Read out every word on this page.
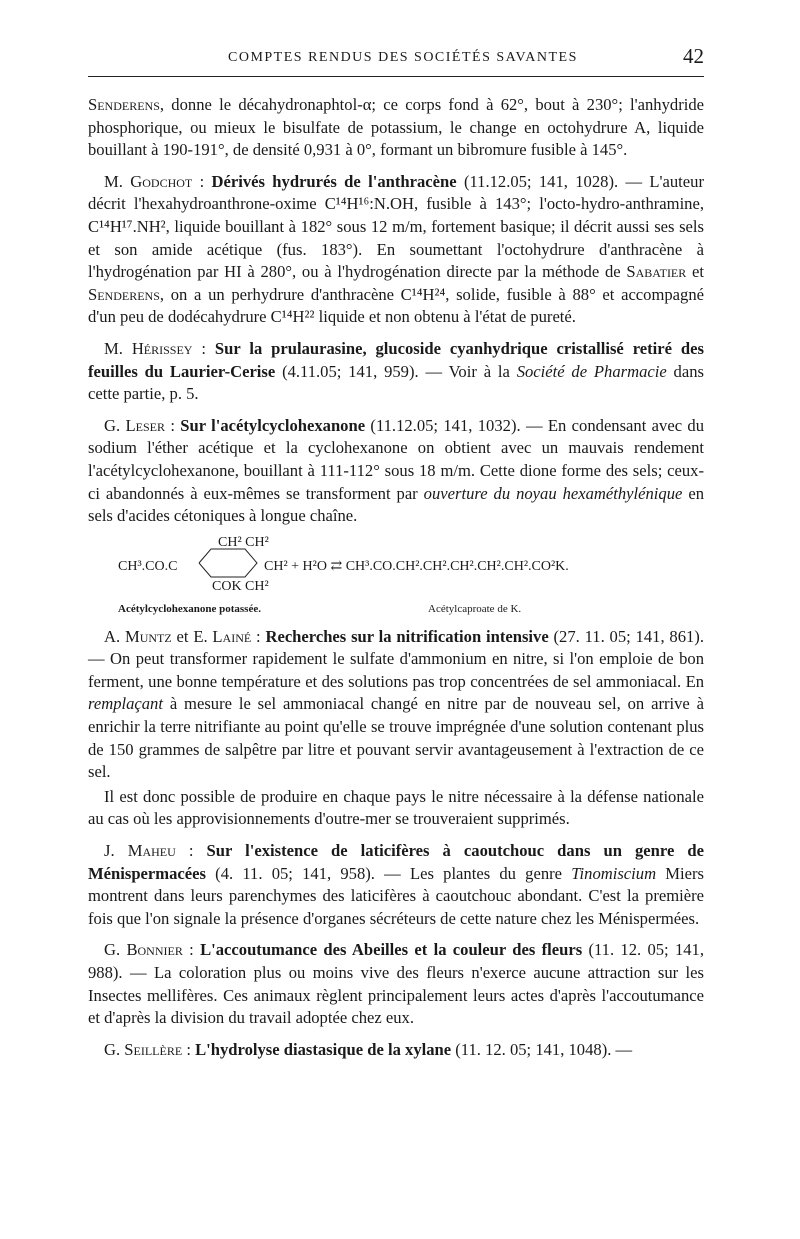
COMPTES RENDUS DES SOCIÉTÉS SAVANTES	42

Senderens, donne le décahydronaphtol-α; ce corps fond à 62°, bout à 230°; l'anhydride phosphorique, ou mieux le bisulfate de potassium, le change en octohydrure A, liquide bouillant à 190-191°, de densité 0,931 à 0°, formant un bibromure fusible à 145°.

M. Godchot : Dérivés hydrurés de l'anthracène (11.12.05; 141, 1028). — L'auteur décrit l'hexahydroanthrone-oxime C¹⁴H¹⁶:N.OH, fusible à 143°; l'octo-hydro-anthramine, C¹⁴H¹⁷.NH², liquide bouillant à 182° sous 12 m/m, fortement basique; il décrit aussi ses sels et son amide acétique (fus. 183°). En soumettant l'octohydrure d'anthracène à l'hydrogénation par HI à 280°, ou à l'hydrogénation directe par la méthode de Sabatier et Senderens, on a un perhydrure d'anthracène C¹⁴H²⁴, solide, fusible à 88° et accompagné d'un peu de dodécahydrure C¹⁴H²² liquide et non obtenu à l'état de pureté.

M. Hérissey : Sur la prulaurasine, glucoside cyanhydrique cristallisé retiré des feuilles du Laurier-Cerise (4.11.05; 141, 959). — Voir à la Société de Pharmacie dans cette partie, p. 5.

G. Leser : Sur l'acétylcyclohexanone (11.12.05; 141, 1032). — En condensant avec du sodium l'éther acétique et la cyclohexanone on obtient avec un mauvais rendement l'acétylcyclohexanone, bouillant à 111-112° sous 18 m/m. Cette dione forme des sels; ceux-ci abandonnés à eux-mêmes se transforment par ouverture du noyau hexaméthylénique en sels d'acides cétoniques à longue chaîne.

CH² CH²
CH³.CO.C	CH² + H²O ⇄ CH³.CO.CH².CH².CH².CH².CH².CO²K.
COK CH²
Acétylcyclohexanone potassée.	Acétylcaproate de K.

A. Muntz et E. Lainé : Recherches sur la nitrification intensive (27. 11. 05; 141, 861). — On peut transformer rapidement le sulfate d'ammonium en nitre, si l'on emploie de bon ferment, une bonne température et des solutions pas trop concentrées de sel ammoniacal. En remplaçant à mesure le sel ammoniacal changé en nitre par de nouveau sel, on arrive à enrichir la terre nitrifiante au point qu'elle se trouve imprégnée d'une solution contenant plus de 150 grammes de salpêtre par litre et pouvant servir avantageusement à l'extraction de ce sel.

Il est donc possible de produire en chaque pays le nitre nécessaire à la défense nationale au cas où les approvisionnements d'outre-mer se trouveraient supprimés.

J. Maheu : Sur l'existence de laticifères à caoutchouc dans un genre de Ménispermacées (4. 11. 05; 141, 958). — Les plantes du genre Tinomiscium Miers montrent dans leurs parenchymes des laticifères à caoutchouc abondant. C'est la première fois que l'on signale la présence d'organes sécréteurs de cette nature chez les Ménispermées.

G. Bonnier : L'accoutumance des Abeilles et la couleur des fleurs (11. 12. 05; 141, 988). — La coloration plus ou moins vive des fleurs n'exerce aucune attraction sur les Insectes mellifères. Ces animaux règlent principalement leurs actes d'après l'accoutumance et d'après la division du travail adoptée chez eux.

G. Seillère : L'hydrolyse diastasique de la xylane (11. 12. 05; 141, 1048). —
